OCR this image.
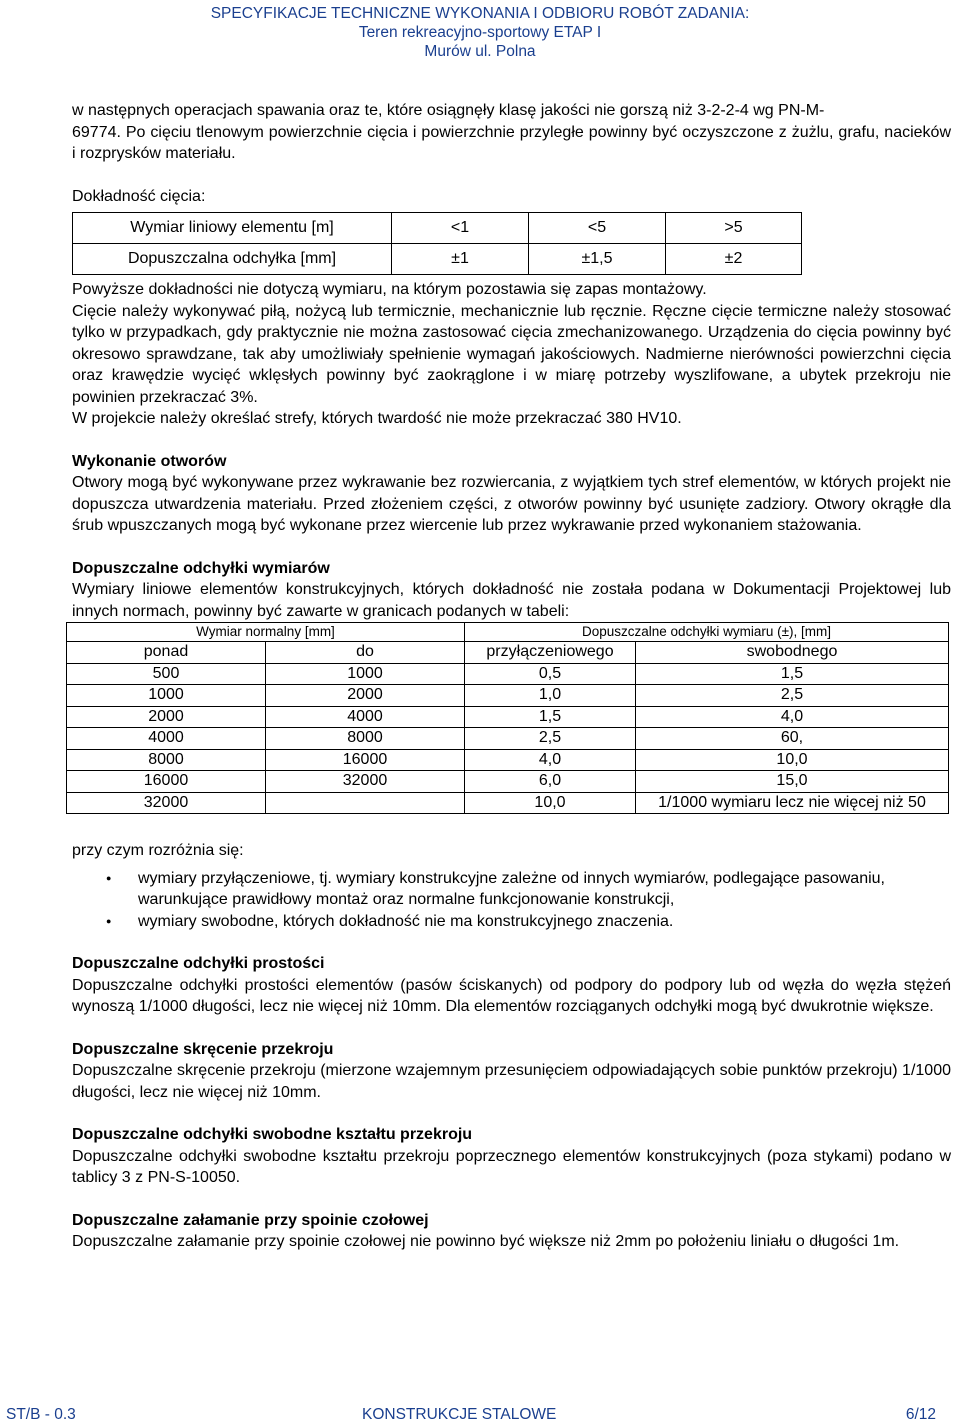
SPECYFIKACJE TECHNICZNE WYKONANIA I ODBIORU ROBÓT ZADANIA:
Teren rekreacyjno-sportowy ETAP I
Murów ul. Polna

w następnych operacjach spawania oraz te, które osiągnęły klasę jakości nie gorszą niż 3-2-2-4 wg PN-M-

69774. Po cięciu tlenowym powierzchnie cięcia i powierzchnie przyległe powinny być oczyszczone z żużlu, grafu, nacieków i rozprysków materiału.

Dokładność cięcia:
Wymiar liniowy elementu [m]	<1	<5	>5
Dopuszczalna odchyłka [mm]	±1	±1,5	±2

Powyższe dokładności nie dotyczą wymiaru, na którym pozostawia się zapas montażowy.

Cięcie należy wykonywać piłą, nożycą lub termicznie, mechanicznie lub ręcznie. Ręczne cięcie termiczne należy stosować tylko w przypadkach, gdy praktycznie nie można zastosować cięcia zmechanizowanego. Urządzenia do cięcia powinny być okresowo sprawdzane, tak aby umożliwiały spełnienie wymagań jakościowych. Nadmierne nierówności powierzchni cięcia oraz krawędzie wycięć wklęsłych powinny być zaokrąglone i w miarę potrzeby wyszlifowane, a ubytek przekroju nie powinien przekraczać 3%.

W projekcie należy określać strefy, których twardość nie może przekraczać 380 HV10.

Wykonanie otworów

Otwory mogą być wykonywane przez wykrawanie bez rozwiercania, z wyjątkiem tych stref elementów, w których projekt nie dopuszcza utwardzenia materiału. Przed złożeniem części, z otworów powinny być usunięte zadziory. Otwory okrągłe dla śrub wpuszczanych mogą być wykonane przez wiercenie lub przez wykrawanie przed wykonaniem stażowania.

Dopuszczalne odchyłki wymiarów

Wymiary liniowe elementów konstrukcyjnych, których dokładność nie została podana w Dokumentacji Projektowej lub innych normach, powinny być zawarte w granicach podanych w tabeli:

Wymiar normalny [mm]		Dopuszczalne odchyłki wymiaru (±), [mm]	
ponad	do	przyłączeniowego	swobodnego
500	1000	0,5	1,5
1000	2000	1,0	2,5
2000	4000	1,5	4,0
4000	8000	2,5	60,
8000	16000	4,0	10,0
16000	32000	6,0	15,0
32000		10,0	1/1000 wymiaru lecz nie więcej niż 50
przy czym rozróżnia się:
● wymiary przyłączeniowe, tj. wymiary konstrukcyjne zależne od innych wymiarów, podlegające pasowaniu, warunkujące prawidłowy montaż oraz normalne funkcjonowanie konstrukcji,
● wymiary swobodne, których dokładność nie ma konstrukcyjnego znaczenia.
Dopuszczalne odchyłki prostości

Dopuszczalne odchyłki prostości elementów (pasów ściskanych) od podpory do podpory lub od węzła do węzła stężeń wynoszą 1/1000 długości, lecz nie więcej niż 10mm. Dla elementów rozciąganych odchyłki mogą być dwukrotnie większe.

Dopuszczalne skręcenie przekroju

Dopuszczalne skręcenie przekroju (mierzone wzajemnym przesunięciem odpowiadających sobie punktów przekroju) 1/1000 długości, lecz nie więcej niż 10mm.

Dopuszczalne odchyłki swobodne kształtu przekroju

Dopuszczalne odchyłki swobodne kształtu przekroju poprzecznego elementów konstrukcyjnych (poza stykami) podano w tablicy 3 z PN-S-10050.

Dopuszczalne załamanie przy spoinie czołowej

Dopuszczalne załamanie przy spoinie czołowej nie powinno być większe niż 2mm po położeniu liniału o długości 1m.

ST/B - 0.3	KONSTRUKCJE STALOWE	6/12
